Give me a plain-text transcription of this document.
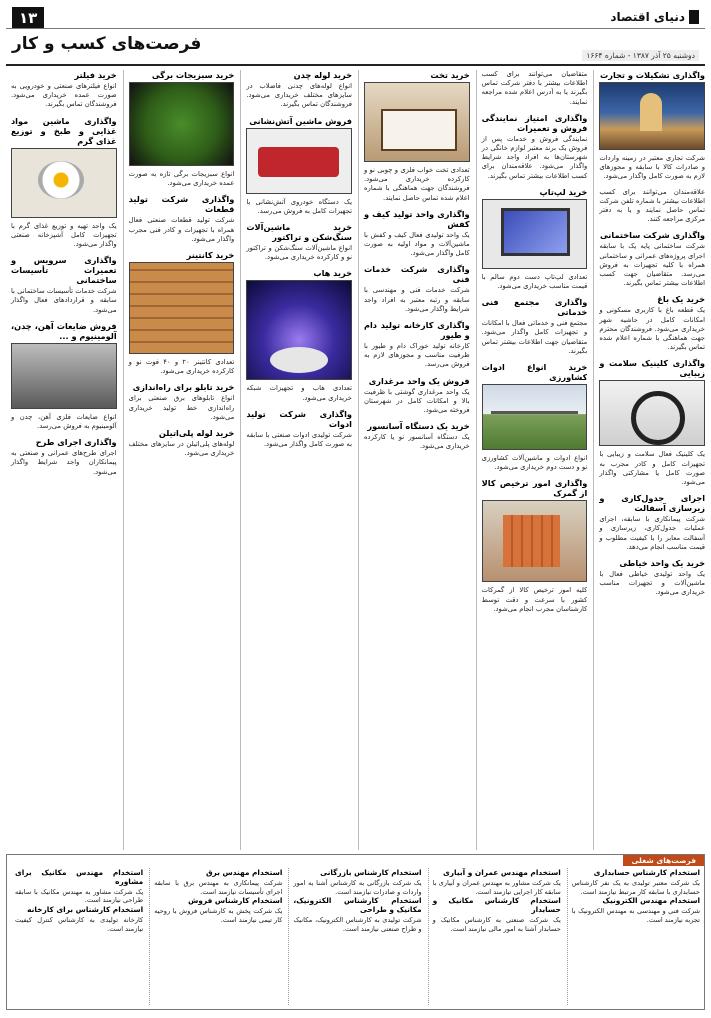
۱۳	دنیای اقتصاد
فرصت‌های کسب و کار
دوشنبه ۲۵ آذر ۱۳۸۷ - شماره ۱۶۶۴
واگذاری تشکیلات و تجارت

شرکت تجاری معتبر در زمینه واردات و صادرات کالا با سابقه و مجوزهای لازم به صورت کامل واگذار می‌شود.

علاقه‌مندان می‌توانند برای کسب اطلاعات بیشتر با شماره تلفن شرکت تماس حاصل نمایند و یا به دفتر مرکزی مراجعه کنند.

واگذاری شرکت ساختمانی

شرکت ساختمانی پایه یک با سابقه اجرای پروژه‌های عمرانی و ساختمانی همراه با کلیه تجهیزات به فروش می‌رسد. متقاضیان جهت کسب اطلاعات بیشتر تماس بگیرند.

خرید یک باغ

یک قطعه باغ با کاربری مسکونی و امکانات کامل در حاشیه شهر خریداری می‌شود. فروشندگان محترم جهت هماهنگی با شماره اعلام شده تماس بگیرند.

واگذاری کلینیک سلامت و زیبایی

یک کلینیک فعال سلامت و زیبایی با تجهیزات کامل و کادر مجرب به صورت کامل یا مشارکتی واگذار می‌شود.

اجرای جدول‌کاری و زیرسازی آسفالت

شرکت پیمانکاری با سابقه، اجرای عملیات جدول‌کاری، زیرسازی و آسفالت معابر را با کیفیت مطلوب و قیمت مناسب انجام می‌دهد.

خرید یک واحد خیاطی

یک واحد تولیدی خیاطی فعال با ماشین‌آلات و تجهیزات مناسب خریداری می‌شود.

متقاضیان می‌توانند برای کسب اطلاعات بیشتر با دفتر شرکت تماس بگیرند یا به آدرس اعلام شده مراجعه نمایند.

واگذاری امتیاز نمایندگی فروش و تعمیرات

نمایندگی فروش و خدمات پس از فروش یک برند معتبر لوازم خانگی در شهرستان‌ها به افراد واجد شرایط واگذار می‌شود. علاقه‌مندان برای کسب اطلاعات بیشتر تماس بگیرند.

خرید لپ‌تاپ

تعدادی لپ‌تاپ دست دوم سالم با قیمت مناسب خریداری می‌شود.

واگذاری مجتمع فنی خدماتی

مجتمع فنی و خدماتی فعال با امکانات و تجهیزات کامل واگذار می‌شود. متقاضیان جهت اطلاعات بیشتر تماس بگیرند.

خرید انواع ادوات کشاورزی

انواع ادوات و ماشین‌آلات کشاورزی نو و دست دوم خریداری می‌شود.

واگذاری امور ترخیص کالا از گمرک

کلیه امور ترخیص کالا از گمرکات کشور با سرعت و دقت توسط کارشناسان مجرب انجام می‌شود.

خرید تخت

تعدادی تخت خواب فلزی و چوبی نو و کارکرده خریداری می‌شود. فروشندگان جهت هماهنگی با شماره اعلام شده تماس حاصل نمایند.

واگذاری واحد تولید کیف و کفش

یک واحد تولیدی فعال کیف و کفش با ماشین‌آلات و مواد اولیه به صورت کامل واگذار می‌شود.

واگذاری شرکت خدمات فنی

شرکت خدمات فنی و مهندسی با سابقه و رتبه معتبر به افراد واجد شرایط واگذار می‌شود.

واگذاری کارخانه تولید دام و طیور

کارخانه تولید خوراک دام و طیور با ظرفیت مناسب و مجوزهای لازم به فروش می‌رسد.

فروش یک واحد مرغداری

یک واحد مرغداری گوشتی با ظرفیت بالا و امکانات کامل در شهرستان فروخته می‌شود.

خرید یک دستگاه آسانسور

یک دستگاه آسانسور نو یا کارکرده خریداری می‌شود.

خرید لوله چدن

انواع لوله‌های چدنی فاضلاب در سایزهای مختلف خریداری می‌شود. فروشندگان تماس بگیرند.

فروش ماشین آتش‌نشانی

یک دستگاه خودروی آتش‌نشانی با تجهیزات کامل به فروش می‌رسد.

خرید ماشین‌آلات سنگ‌شکن و تراکتور

انواع ماشین‌آلات سنگ‌شکن و تراکتور نو و کارکرده خریداری می‌شود.

خرید هاب

تعدادی هاب و تجهیزات شبکه خریداری می‌شود.

واگذاری شرکت تولید ادوات

شرکت تولیدی ادوات صنعتی با سابقه به صورت کامل واگذار می‌شود.

خرید سبزیجات برگی

انواع سبزیجات برگی تازه به صورت عمده خریداری می‌شود.

واگذاری شرکت تولید قطعات

شرکت تولید قطعات صنعتی فعال همراه با تجهیزات و کادر فنی مجرب واگذار می‌شود.

خرید کانتینر

تعدادی کانتینر ۲۰ و ۴۰ فوت نو و کارکرده خریداری می‌شود.

خرید تابلو برای راه‌اندازی

انواع تابلوهای برق صنعتی برای راه‌اندازی خط تولید خریداری می‌شود.

خرید لوله پلی‌اتیلن

لوله‌های پلی‌اتیلن در سایزهای مختلف خریداری می‌شود.

خرید فیلتر

انواع فیلترهای صنعتی و خودرویی به صورت عمده خریداری می‌شود. فروشندگان تماس بگیرند.

واگذاری ماشین مواد غذایی و طبخ و توزیع غذای گرم

یک واحد تهیه و توزیع غذای گرم با تجهیزات کامل آشپزخانه صنعتی واگذار می‌شود.

واگذاری سرویس و تعمیرات تأسیسات ساختمانی

شرکت خدمات تأسیسات ساختمانی با سابقه و قراردادهای فعال واگذار می‌شود.

فروش ضایعات آهن، چدن، آلومینیوم و ...

انواع ضایعات فلزی آهن، چدن و آلومینیوم به فروش می‌رسد.

واگذاری اجرای طرح

اجرای طرح‌های عمرانی و صنعتی به پیمانکاران واجد شرایط واگذار می‌شود.

فرصت‌های شغلی
استخدام کارشناس حسابداری

یک شرکت معتبر تولیدی به یک نفر کارشناس حسابداری با سابقه کار مرتبط نیازمند است.

استخدام مهندس الکترونیک

شرکت فنی و مهندسی به مهندس الکترونیک با تجربه نیازمند است.

استخدام مهندس عمران و آبیاری

یک شرکت مشاور به مهندس عمران و آبیاری با سابقه کار اجرایی نیازمند است.

استخدام کارشناس مکانیک و حسابدار

یک شرکت صنعتی به کارشناس مکانیک و حسابدار آشنا به امور مالی نیازمند است.

استخدام کارشناس بازرگانی

یک شرکت بازرگانی به کارشناس آشنا به امور واردات و صادرات نیازمند است.

استخدام کارشناس الکترونیک، مکانیک و طراحی

شرکت تولیدی به کارشناس الکترونیک، مکانیک و طراح صنعتی نیازمند است.

استخدام مهندس برق

شرکت پیمانکاری به مهندس برق با سابقه اجرای تأسیسات نیازمند است.

استخدام کارشناس فروش

یک شرکت پخش به کارشناس فروش با روحیه کار تیمی نیازمند است.

استخدام مهندس مکانیک برای مشاوره

یک شرکت مشاور به مهندس مکانیک با سابقه طراحی نیازمند است.

استخدام کارشناس برای کارخانه

کارخانه تولیدی به کارشناس کنترل کیفیت نیازمند است.
